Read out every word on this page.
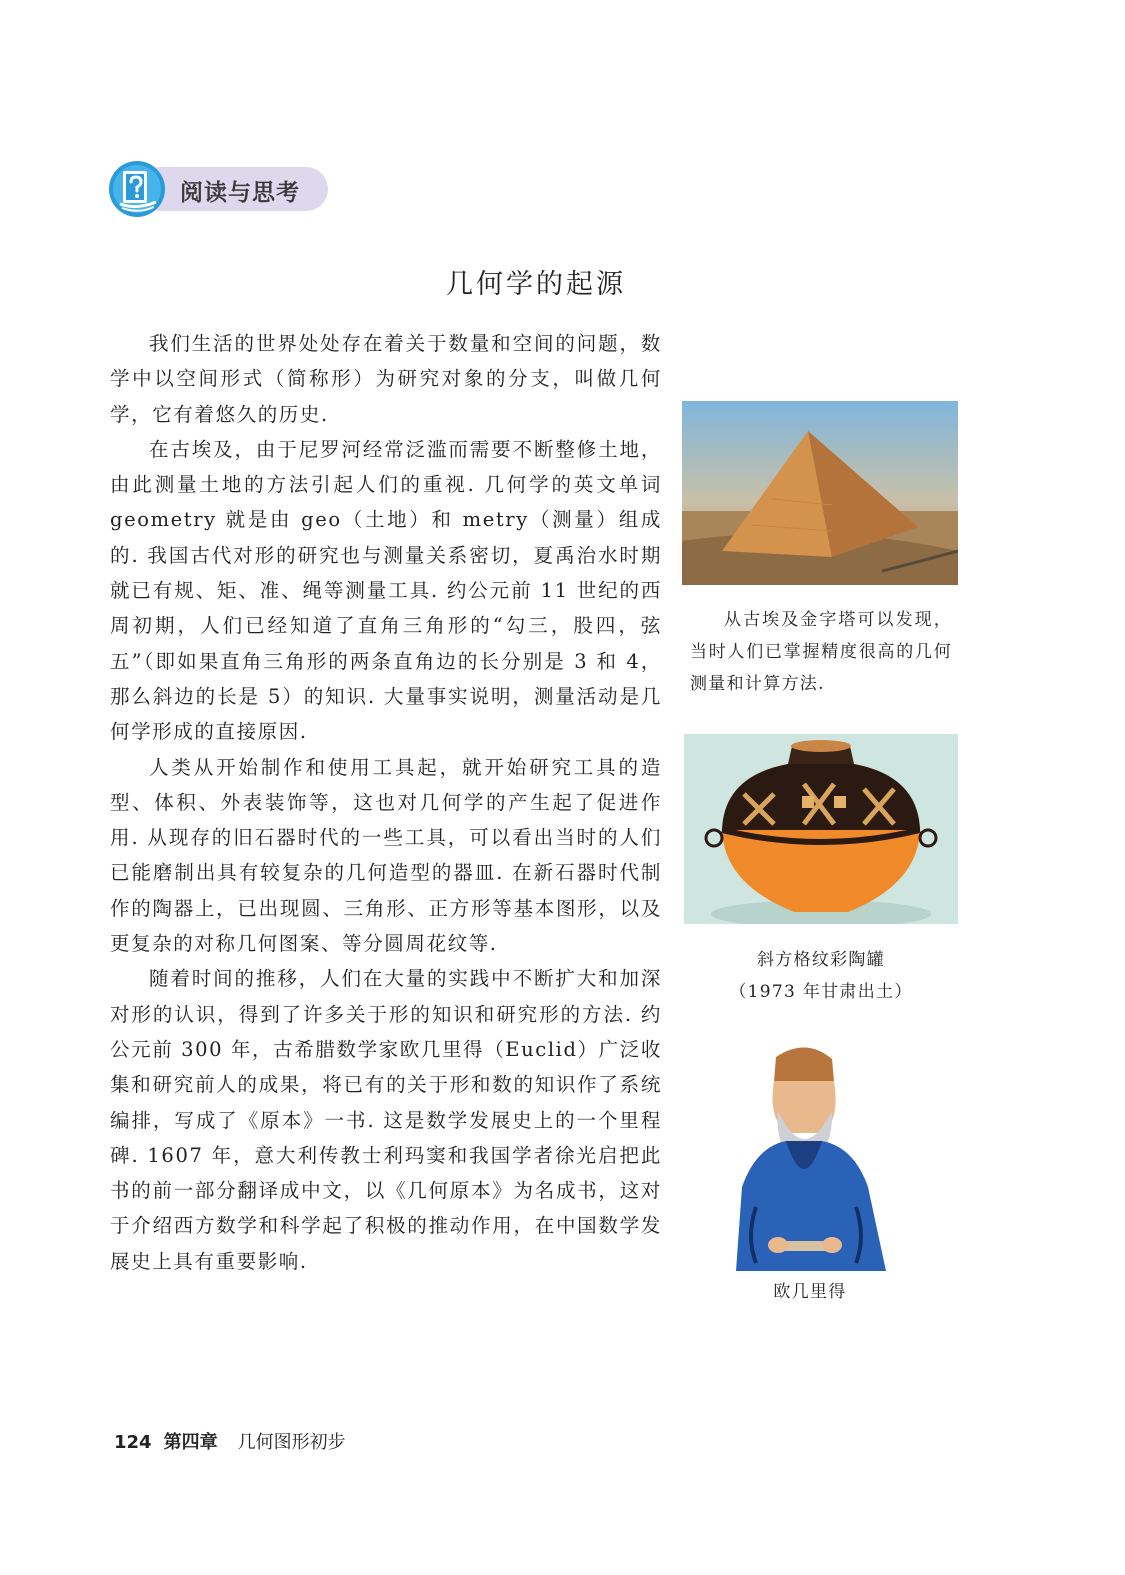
阅读与思考
几何学的起源

我们生活的世界处处存在着关于数量和空间的问题，数学中以空间形式（简称形）为研究对象的分支，叫做几何学，它有着悠久的历史.

在古埃及，由于尼罗河经常泛滥而需要不断整修土地，由此测量土地的方法引起人们的重视. 几何学的英文单词 geometry 就是由 geo（土地）和 metry（测量）组成的. 我国古代对形的研究也与测量关系密切，夏禹治水时期就已有规、矩、准、绳等测量工具. 约公元前 11 世纪的西周初期，人们已经知道了直角三角形的“勾三，股四，弦五”（即如果直角三角形的两条直角边的长分别是 3 和 4，那么斜边的长是 5）的知识. 大量事实说明，测量活动是几何学形成的直接原因.

人类从开始制作和使用工具起，就开始研究工具的造型、体积、外表装饰等，这也对几何学的产生起了促进作用. 从现存的旧石器时代的一些工具，可以看出当时的人们已能磨制出具有较复杂的几何造型的器皿. 在新石器时代制作的陶器上，已出现圆、三角形、正方形等基本图形，以及更复杂的对称几何图案、等分圆周花纹等.

随着时间的推移，人们在大量的实践中不断扩大和加深对形的认识，得到了许多关于形的知识和研究形的方法. 约公元前 300 年，古希腊数学家欧几里得（Euclid）广泛收集和研究前人的成果，将已有的关于形和数的知识作了系统编排，写成了《原本》一书. 这是数学发展史上的一个里程碑. 1607 年，意大利传教士利玛窦和我国学者徐光启把此书的前一部分翻译成中文，以《几何原本》为名成书，这对于介绍西方数学和科学起了积极的推动作用，在中国数学发展史上具有重要影响.

从古埃及金字塔可以发现，当时人们已掌握精度很高的几何测量和计算方法.
斜方格纹彩陶罐
（1973 年甘肃出土）
欧几里得
124 第四章 几何图形初步
